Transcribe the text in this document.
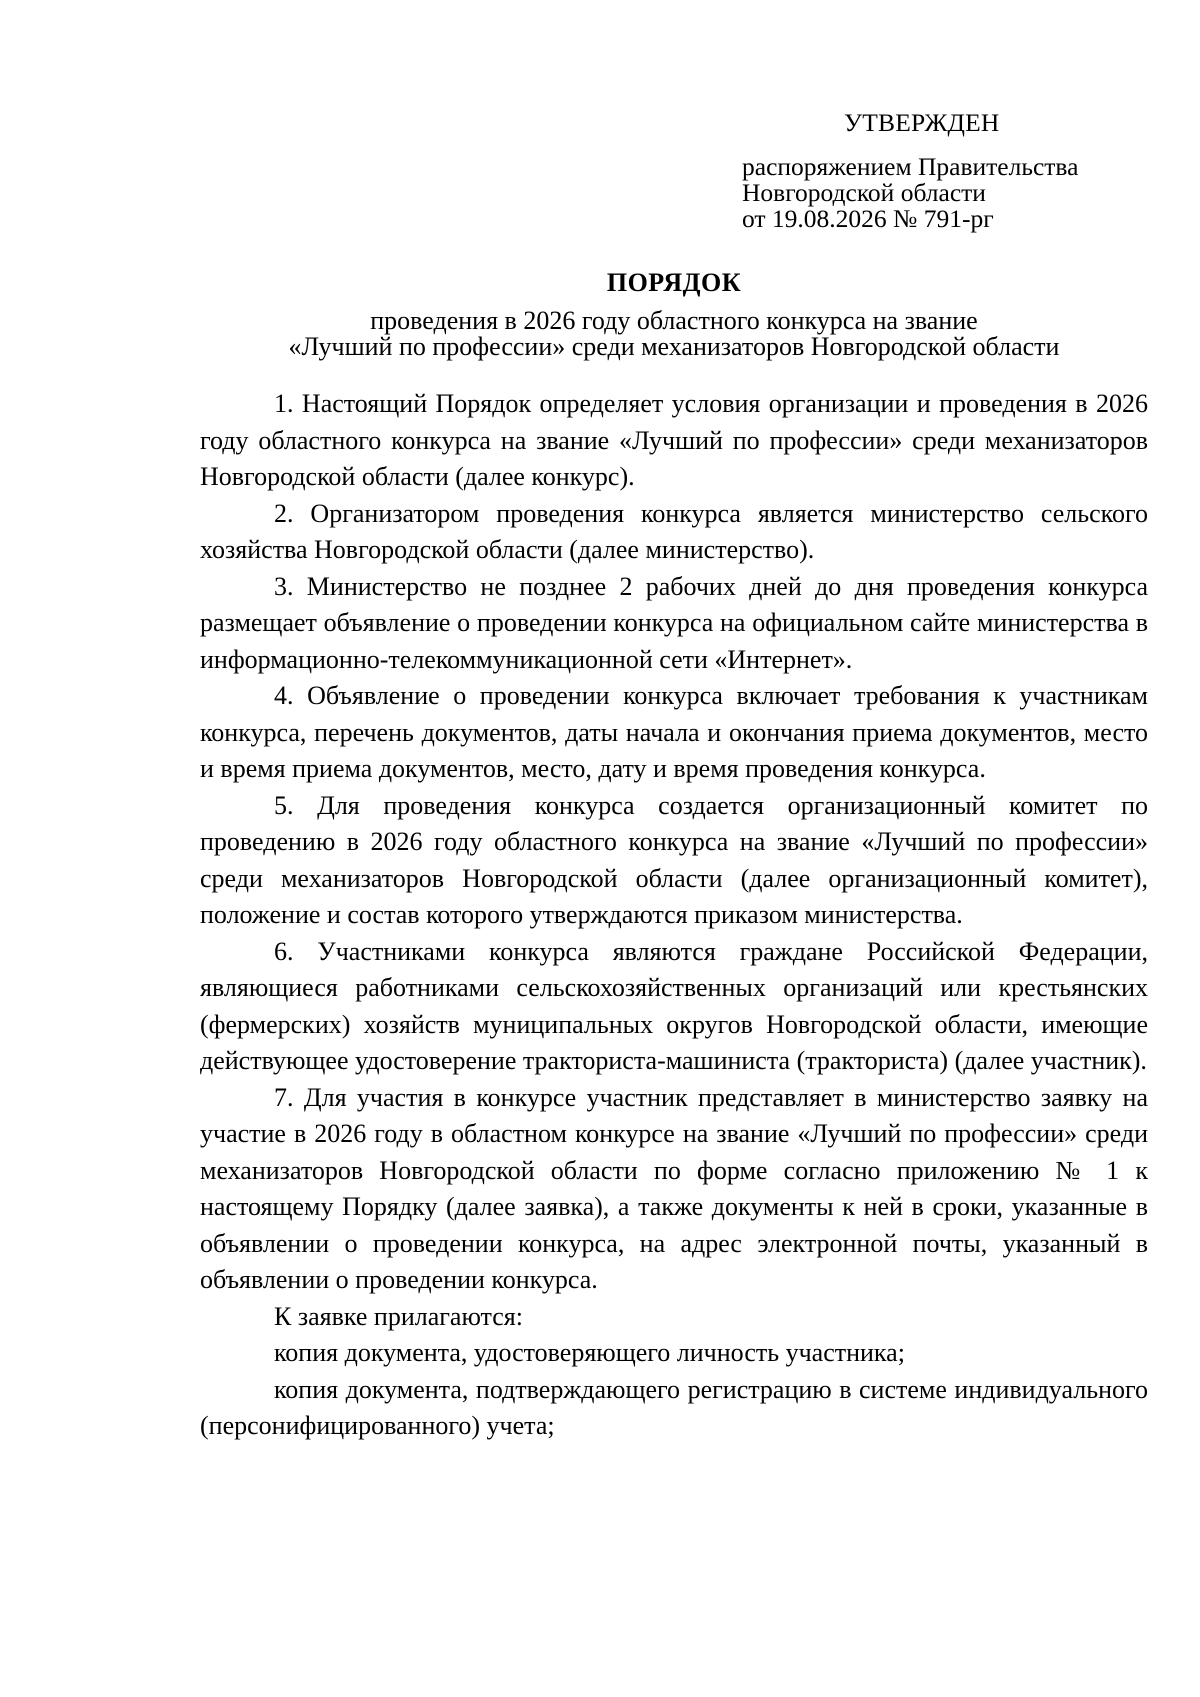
УТВЕРЖДЕН
распоряжением Правительства
Новгородской области
от 19.08.2026 № 791-рг

ПОРЯДОК

проведения в 2026 году областного конкурса на звание

«Лучший по профессии» среди механизаторов Новгородской области

1. Настоящий Порядок определяет условия организации и проведения в 2026 году областного конкурса на звание «Лучший по профессии» среди механизаторов Новгородской области (далее конкурс).

2. Организатором проведения конкурса является министерство сельского хозяйства Новгородской области (далее министерство).

3. Министерство не позднее 2 рабочих дней до дня проведения конкурса размещает объявление о проведении конкурса на официальном сайте министерства в информационно-телекоммуникационной сети «Интернет».

4. Объявление о проведении конкурса включает требования к участникам конкурса, перечень документов, даты начала и окончания приема документов, место и время приема документов, место, дату и время проведения конкурса.

5. Для проведения конкурса создается организационный комитет по проведению в 2026 году областного конкурса на звание «Лучший по профессии» среди механизаторов Новгородской области (далее организационный комитет), положение и состав которого утверждаются приказом министерства.

6. Участниками конкурса являются граждане Российской Федерации, являющиеся работниками сельскохозяйственных организаций или крестьянских (фермерских) хозяйств муниципальных округов Новгородской области, имеющие действующее удостоверение тракториста-машиниста (тракториста) (далее участник).

7. Для участия в конкурсе участник представляет в министерство заявку на участие в 2026 году в областном конкурсе на звание «Лучший по профессии» среди механизаторов Новгородской области по форме согласно приложению № 1 к настоящему Порядку (далее заявка), а также документы к ней в сроки, указанные в объявлении о проведении конкурса, на адрес электронной почты, указанный в объявлении о проведении конкурса.

К заявке прилагаются:

копия документа, удостоверяющего личность участника;

копия документа, подтверждающего регистрацию в системе индивидуального (персонифицированного) учета;
